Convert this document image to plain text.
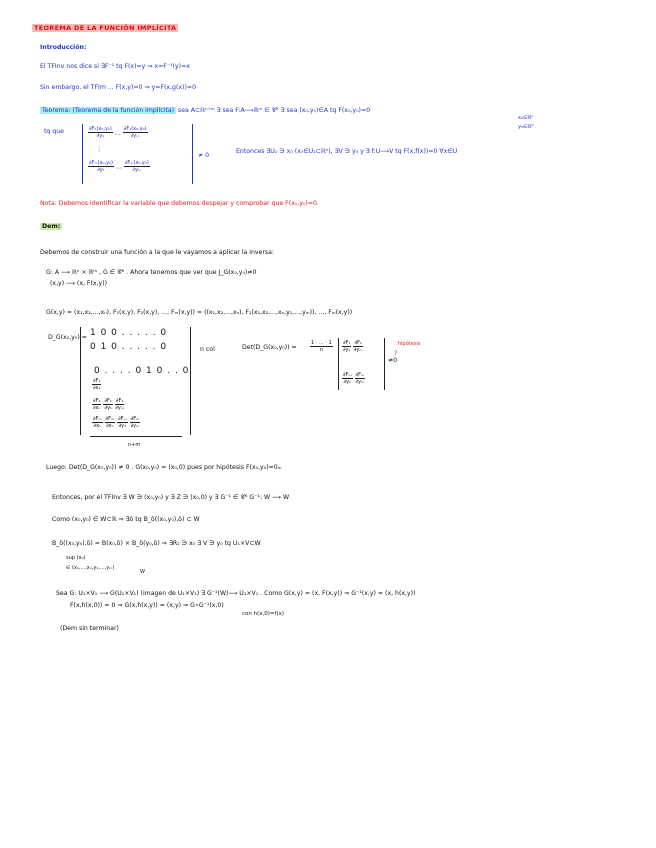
TEOREMA DE LA FUNCIÓN IMPLÍCITA
Introducción:
El TFInv nos dice si ∃F⁻¹ tq F(x)=y ⇒ x=F⁻¹(y)=x
Sin embargo, el TFIm ... F(x,y)=0 ⇒ y=F(x,g(x))=0
Teorema: (Teorema de la función implícita) sea A⊂ℝⁿ⁺ᵐ ∃ sea F:A⟶ℝᵐ ∈ 𝒞ᴷ ∃ sea (x₀,y₀)∈A tq F(x₀,y₀)=0
x₀∈ℝⁿ
y₀∈ℝᵐ
tq que	$\frac{\text{∂F₁(x₀,y₀)}}{\text{∂y₁}}$ ... $\frac{\text{∂F₁(x₀,y₀)}}{\text{∂yₘ}}$
⋮
$\frac{\text{∂Fₘ(x₀,y₀)}}{\text{∂y₁}}$ ... $\frac{\text{∂Fₘ(x₀,y₀)}}{\text{∂yₘ}}$
≠ 0
Entonces ∃U₁ ∋ x₀ (x₀∈U₁⊂ℝⁿ), ∃V ∋ y₀ y ∃ f:U⟶V tq F(x,f(x))=0 ∀x∈U
Nota: Debemos identificar la variable que debemos despejar y comprobar que F(x₀,y₀)=0.
Dem:
Debemos de construir una función a la que le vayamos a aplicar la inversa:
G: A ⟶ ℝⁿ × ℝᵐ , G ∈ 𝒞ᴷ . Ahora tenemos que ver que J_G(x₀,y₀)≠0
(x,y) ⟶ (x, F(x,y))
G(x,y) = (x₁,x₂,...,xₙ), F₁(x,y), F₂(x,y), ..., Fₘ(x,y)) = ((x₁,x₂,...,xₙ), F₁(x₁,x₂,...,xₙ,y₁,...,yₘ)), ..., Fₘ(x,y))
D_G(x₀,y₀) = 1 0 0 . . . . . 0
0 1 0 . . . . . 0
0 . . . . 0 1 0 . . 0
$\frac{\text{∂F₁}}{\text{∂x₁}}$
$\frac{\text{∂F₁}}{\text{∂xₙ}} \frac{\text{∂F₁}}{\text{∂y₁}} \frac{\text{∂F₁}}{\text{∂yₘ}}$
$\frac{\text{∂Fₘ}}{\text{∂x₁}} \frac{\text{∂Fₘ}}{\text{∂xₙ}} \frac{\text{∂Fₘ}}{\text{∂y₁}} \frac{\text{∂Fₘ}}{\text{∂yₘ}}$
n col
n+m
Det(D_G(x₀,y₀)) =	$\frac{1 \cdot ... \cdot 1}{n} \frac{\text{∂F₁}}{\text{∂y₁}} \frac{\text{∂F₁}}{\text{∂yₘ}}$
$\frac{\text{∂Fₘ}}{\text{∂y₁}} \frac{\text{∂Fₘ}}{\text{∂yₘ}}$
hipótesis
?
≠0
Luego: Det(D_G(x₀,y₀)) ≠ 0 . G(x₀,y₀) = (x₀,0) pues por hipótesis F(x₀,y₀)=0ₘ
Entonces, por el TFInv ∃ W ∋ (x₀,y₀) y ∃ Z ∋ (x₀,0) y ∃ G⁻¹ ∈ 𝒞ᴷ G⁻¹: W ⟶ W
Como (x₀,y₀) ∈ W⊂ℝ ⇒ ∃δ tq B_δ((x₀,y₀),δ) ⊂ W
B_δ((x₀,y₀),δ) = B(x₀,δ) × B_δ(y₀,δ) ⇒ ∃R₁ ∋ x₀ ∃ V ∋ y₀ tq U₁×V⊂W
sup (x₀)
∈ (x₁,...,xₙ,y₁,...,yₘ)
W
Sea G: U₁×V₁ ⟶ G(U₁×V₁) (imagen de U₁×V₁) ∃ G⁻¹(W)⟶ U₁×V₁ . Como G(x,y) = (x, F(x,y)) ⇒ G⁻¹(x,y) = (x, h(x,y))
F(x,h(x,0)) = 0 ⇒ G(x,h(x,y)) = (x,y) ⇒ G∘G⁻¹(x,0)
con h(x,0)=f(x)
(Dem sin terminar)
